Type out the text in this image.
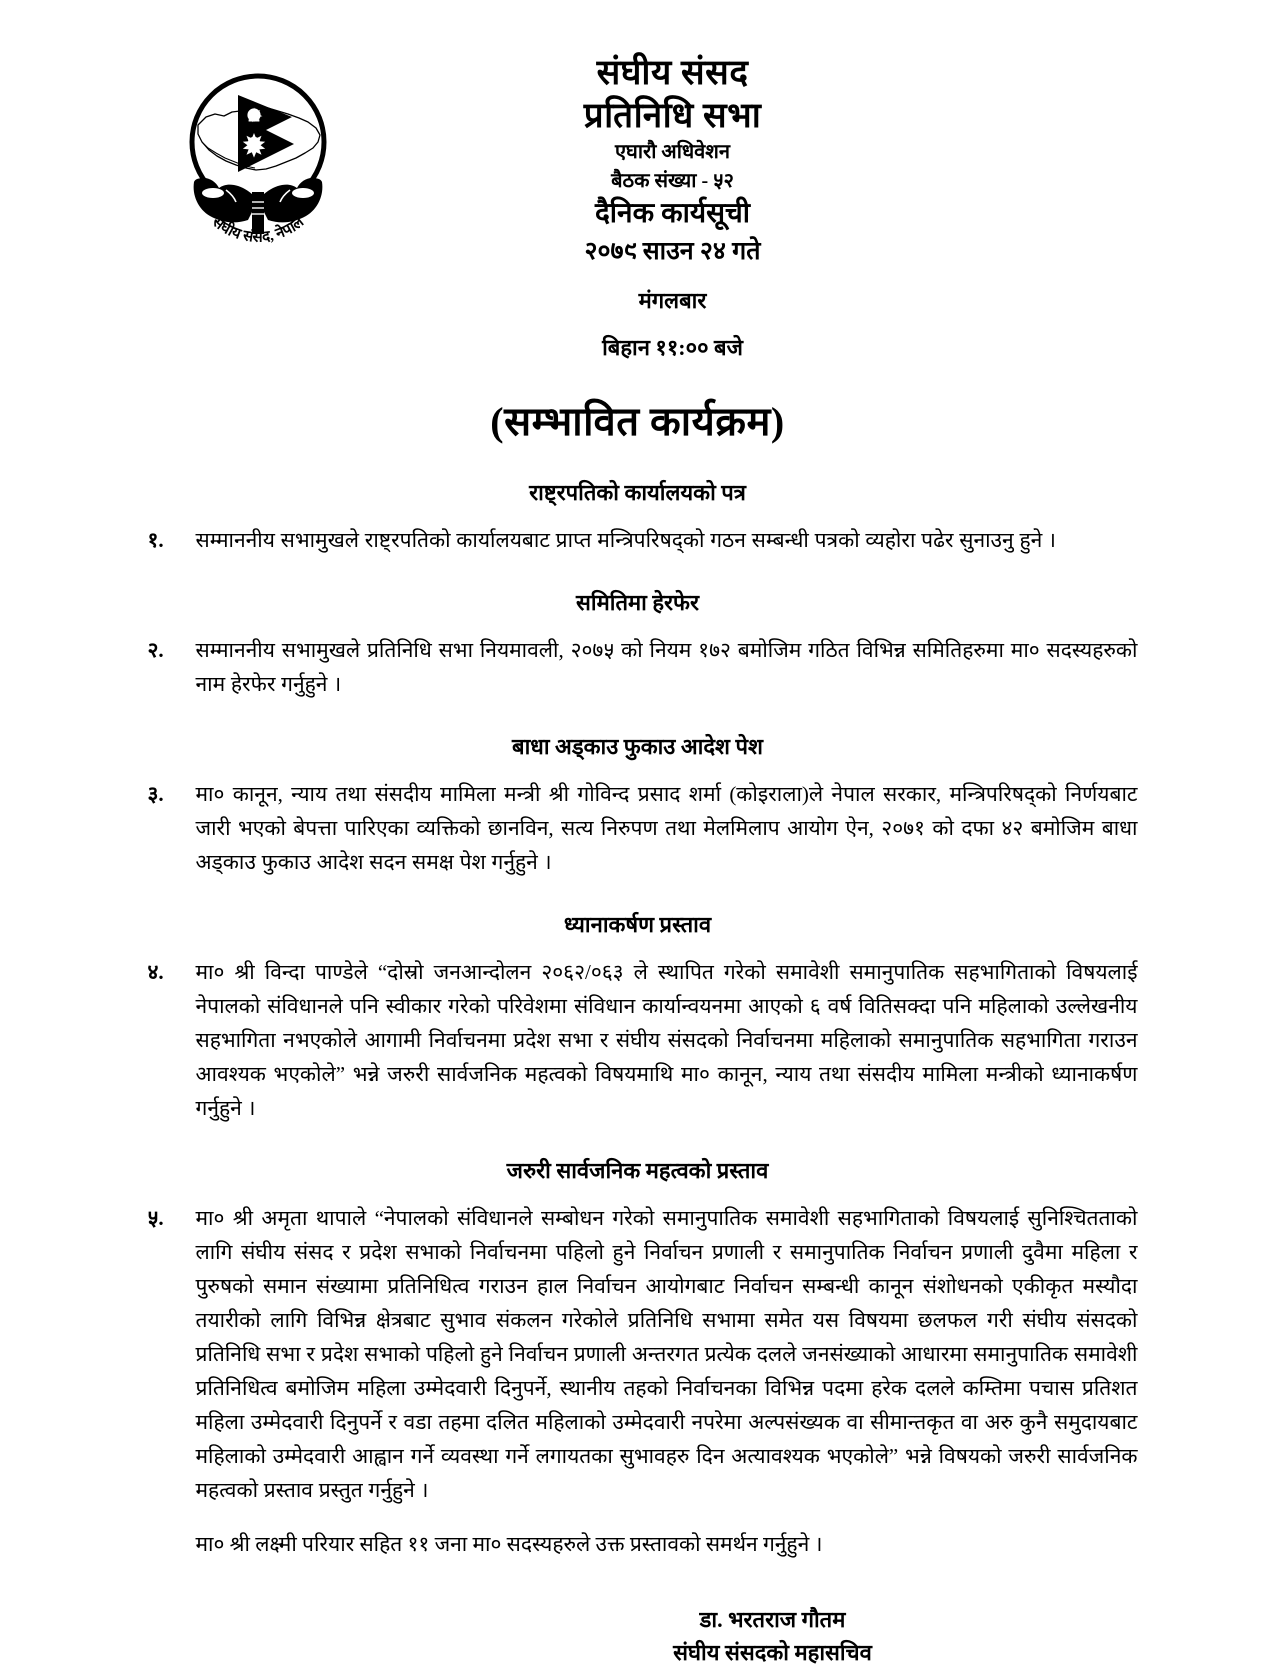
संघीय संसद, नेपाल
संघीय संसद
प्रतिनिधि सभा
एघारौ अधिवेशन
बैठक संख्या - ५२
दैनिक कार्यसूची
२०७९ साउन २४ गते
मंगलबार
बिहान ११:०० बजे
(सम्भावित कार्यक्रम)
राष्ट्रपतिको कार्यालयको पत्र
१.	सम्माननीय सभामुखले राष्ट्रपतिको कार्यालयबाट प्राप्त मन्त्रिपरिषद्को गठन सम्बन्धी पत्रको व्यहोरा पढेर सुनाउनु हुने ।
समितिमा हेरफेर
२.	सम्माननीय सभामुखले प्रतिनिधि सभा नियमावली, २०७५ को नियम १७२ बमोजिम गठित विभिन्न समितिहरुमा मा० सदस्यहरुको नाम हेरफेर गर्नुहुने ।
बाधा अड्काउ फुकाउ आदेश पेश
३.	मा० कानून, न्याय तथा संसदीय मामिला मन्त्री श्री गोविन्द प्रसाद शर्मा (कोइराला)ले नेपाल सरकार, मन्त्रिपरिषद्को निर्णयबाट जारी भएको बेपत्ता पारिएका व्यक्तिको छानविन, सत्य निरुपण तथा मेलमिलाप आयोग ऐन, २०७१ को दफा ४२ बमोजिम बाधा अड्काउ फुकाउ आदेश सदन समक्ष पेश गर्नुहुने ।
ध्यानाकर्षण प्रस्ताव
४.	मा० श्री विन्दा पाण्डेले “दोस्रो जनआन्दोलन २०६२/०६३ ले स्थापित गरेको समावेशी समानुपातिक सहभागिताको विषयलाई नेपालको संविधानले पनि स्वीकार गरेको परिवेशमा संविधान कार्यान्वयनमा आएको ६ वर्ष वितिसक्दा पनि महिलाको उल्लेखनीय सहभागिता नभएकोले आगामी निर्वाचनमा प्रदेश सभा र संघीय संसदको निर्वाचनमा महिलाको समानुपातिक सहभागिता गराउन आवश्यक भएकोले” भन्ने जरुरी सार्वजनिक महत्वको विषयमाथि मा० कानून, न्याय तथा संसदीय मामिला मन्त्रीको ध्यानाकर्षण गर्नुहुने ।
जरुरी सार्वजनिक महत्वको प्रस्ताव
५.	मा० श्री अमृता थापाले “नेपालको संविधानले सम्बोधन गरेको समानुपातिक समावेशी सहभागिताको विषयलाई सुनिश्चितताको लागि संघीय संसद र प्रदेश सभाको निर्वाचनमा पहिलो हुने निर्वाचन प्रणाली र समानुपातिक निर्वाचन प्रणाली दुवैमा महिला र पुरुषको समान संख्यामा प्रतिनिधित्व गराउन हाल निर्वाचन आयोगबाट निर्वाचन सम्बन्धी कानून संशोधनको एकीकृत मस्यौदा तयारीको लागि विभिन्न क्षेत्रबाट सुभाव संकलन गरेकोले प्रतिनिधि सभामा समेत यस विषयमा छलफल गरी संघीय संसदको प्रतिनिधि सभा र प्रदेश सभाको पहिलो हुने निर्वाचन प्रणाली अन्तरगत प्रत्येक दलले जनसंख्याको आधारमा समानुपातिक समावेशी प्रतिनिधित्व बमोजिम महिला उम्मेदवारी दिनुपर्ने, स्थानीय तहको निर्वाचनका विभिन्न पदमा हरेक दलले कम्तिमा पचास प्रतिशत महिला उम्मेदवारी दिनुपर्ने र वडा तहमा दलित महिलाको उम्मेदवारी नपरेमा अल्पसंख्यक वा सीमान्तकृत वा अरु कुनै समुदायबाट महिलाको उम्मेदवारी आह्वान गर्ने व्यवस्था गर्ने लगायतका सुभावहरु दिन अत्यावश्यक भएकोले” भन्ने विषयको जरुरी सार्वजनिक महत्वको प्रस्ताव प्रस्तुत गर्नुहुने ।
मा० श्री लक्ष्मी परियार सहित ११ जना मा० सदस्यहरुले उक्त प्रस्तावको समर्थन गर्नुहुने ।
डा. भरतराज गौतम
संघीय संसदको महासचिव
